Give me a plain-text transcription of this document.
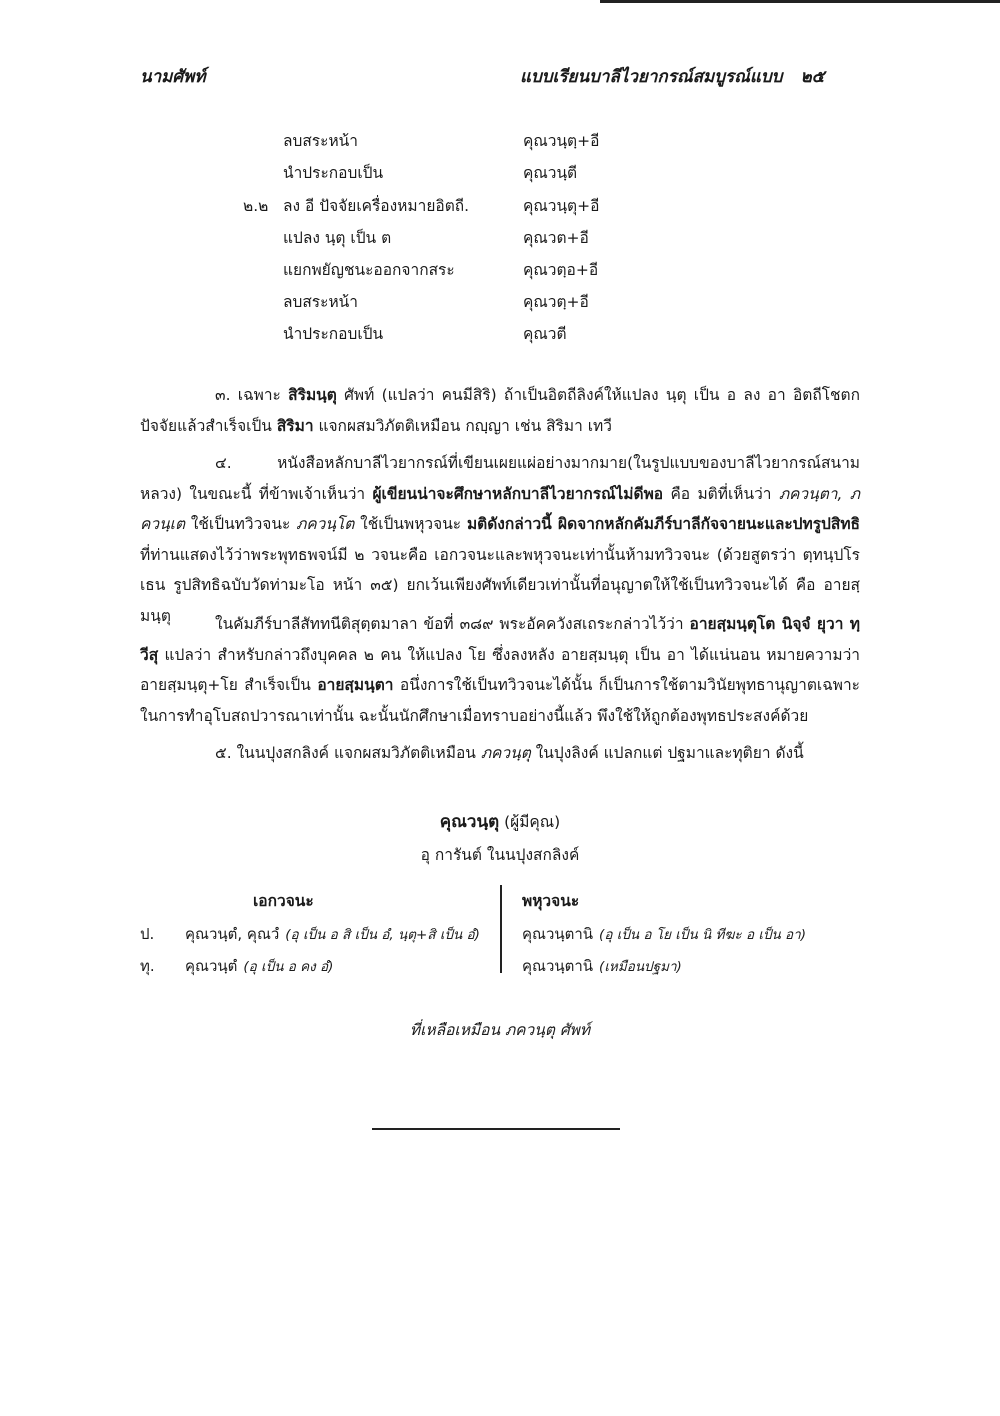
นามศัพท์	แบบเรียนบาลีไวยากรณ์สมบูรณ์แบบ ๒๕
ลบสระหน้า	คุณวนฺตฺ+อี
นำประกอบเป็น	คุณวนฺตี
๒.๒ ลง อี ปัจจัยเครื่องหมายอิตถี.	คุณวนฺตุ+อี
แปลง นฺตุ เป็น ต	คุณวต+อี
แยกพยัญชนะออกจากสระ	คุณวตฺอ+อี
ลบสระหน้า	คุณวตฺ+อี
นำประกอบเป็น	คุณวตี

๓. เฉพาะ สิริมนฺตุ ศัพท์ (แปลว่า คนมีสิริ) ถ้าเป็นอิตถีลิงค์ให้แปลง นฺตุ เป็น อ ลง อา อิตถีโชตกปัจจัยแล้วสำเร็จเป็น สิริมา แจกผสมวิภัตติเหมือน กญฺญา เช่น สิริมา เทวี

๔. หนังสือหลักบาลีไวยากรณ์ที่เขียนเผยแผ่อย่างมากมาย(ในรูปแบบของบาลีไวยากรณ์สนามหลวง) ในขณะนี้ ที่ข้าพเจ้าเห็นว่า ผู้เขียนน่าจะศึกษาหลักบาลีไวยากรณ์ไม่ดีพอ คือ มติที่เห็นว่า ภควนฺตา, ภควนฺเต ใช้เป็นทวิวจนะ ภควนฺโต ใช้เป็นพหุวจนะ มติดังกล่าวนี้ ผิดจากหลักคัมภีร์บาลีกัจจายนะและปทรูปสิทธิ ที่ท่านแสดงไว้ว่าพระพุทธพจน์มี ๒ วจนะคือ เอกวจนะและพหุวจนะเท่านั้นห้ามทวิวจนะ (ด้วยสูตรว่า ตฺทนฺปโรเธน รูปสิทธิฉบับวัดท่ามะโอ หน้า ๓๕) ยกเว้นเพียงศัพท์เดียวเท่านั้นที่อนุญาตให้ใช้เป็นทวิวจนะได้ คือ อายสฺมนฺตุ	ในคัมภีร์บาลีสัททนีติสุตฺตมาลา ข้อที่ ๓๘๙ พระอัคควังสเถระกล่าวไว้ว่า อายสฺมนฺตุโต นิจฺจํ ยุวา ทฺวีสุ แปลว่า สำหรับกล่าวถึงบุคคล ๒ คน ให้แปลง โย ซึ่งลงหลัง อายสฺมนฺตุ เป็น อา ได้แน่นอน หมายความว่า อายสฺมนฺตุ+โย สำเร็จเป็น อายสฺมนฺตา อนึ่งการใช้เป็นทวิวจนะได้นั้น ก็เป็นการใช้ตามวินัยพุทธานุญาตเฉพาะในการทำอุโบสถปวารณาเท่านั้น ฉะนั้นนักศึกษาเมื่อทราบอย่างนี้แล้ว พึงใช้ให้ถูกต้องพุทธประสงค์ด้วย

๕. ในนปุงสกลิงค์ แจกผสมวิภัตติเหมือน ภควนฺตุ ในปุงลิงค์ แปลกแต่ ปฐมาและทุติยา ดังนี้

คุณวนฺตุ (ผู้มีคุณ)
อุ การันต์ ในนปุงสกลิงค์
เอกวจนะ	พหุวจนะ
ป. คุณวนฺตํ, คุณวํ (อุ เป็น อ สิ เป็น อํ, นฺตุ+สิ เป็น อํ)	คุณวนฺตานิ (อุ เป็น อ โย เป็น นิ ทีฆะ อ เป็น อา)
ทุ. คุณวนฺตํ (อุ เป็น อ คง อํ)	คุณวนฺตานิ (เหมือนปฐมา)
ที่เหลือเหมือน ภควนฺตุ ศัพท์
